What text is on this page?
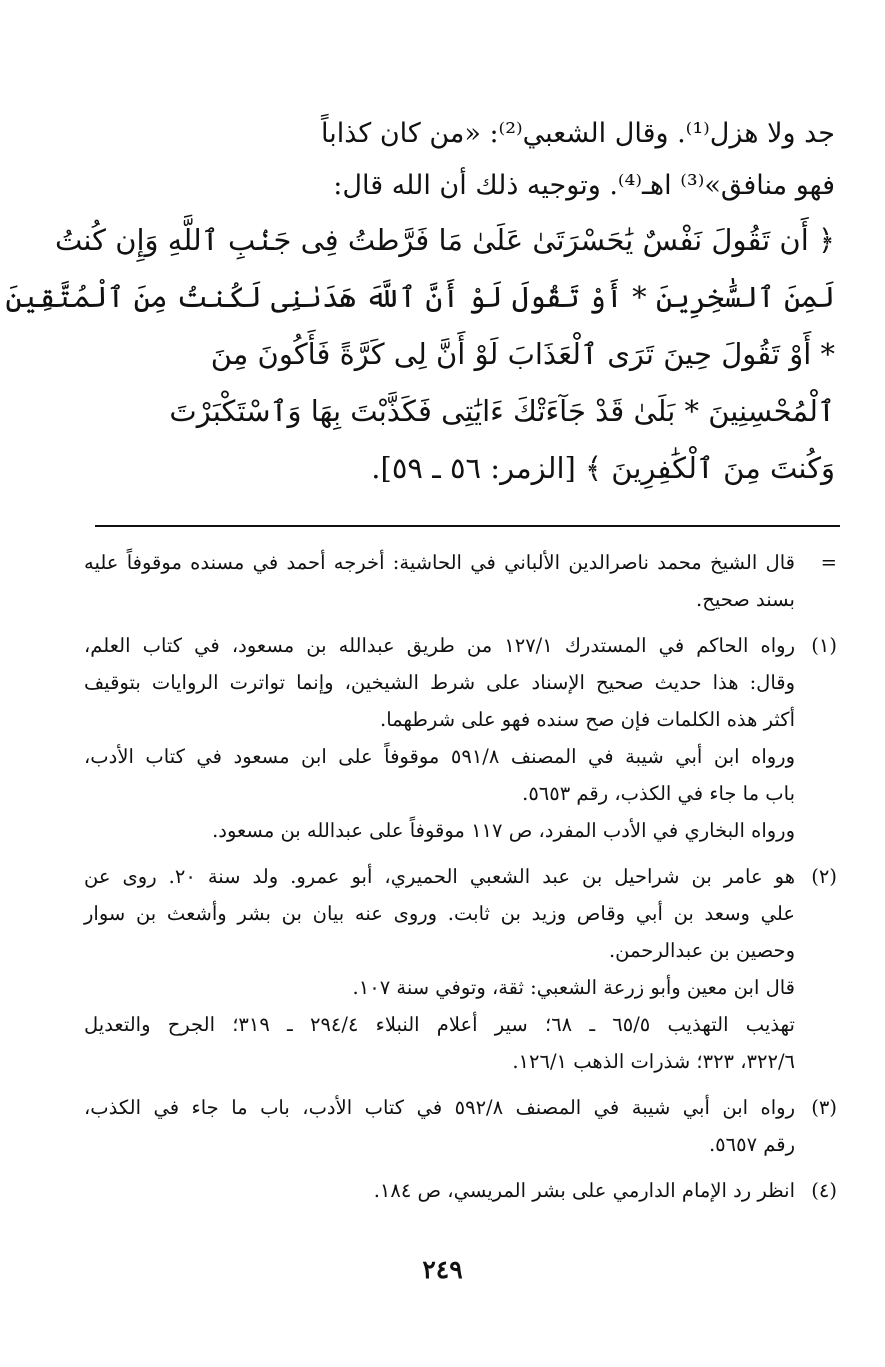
جد ولا هزل⁽¹⁾. وقال الشعبي⁽²⁾: «من كان كذاباً
فهو منافق»⁽³⁾ اهـ⁽⁴⁾. وتوجيه ذلك أن الله قال:
﴿ أَن تَقُولَ نَفْسٌ يَٰحَسْرَتَىٰ عَلَىٰ مَا فَرَّطتُ فِى جَنۢبِ ٱللَّهِ وَإِن كُنتُ
لَمِنَ ٱلسَّٰخِرِينَ * أَوْ تَقُولَ لَوْ أَنَّ ٱللَّهَ هَدَىٰنِى لَكُنتُ مِنَ ٱلْمُتَّقِينَ
* أَوْ تَقُولَ حِينَ تَرَى ٱلْعَذَابَ لَوْ أَنَّ لِى كَرَّةً فَأَكُونَ مِنَ
ٱلْمُحْسِنِينَ * بَلَىٰ قَدْ جَآءَتْكَ ءَايَٰتِى فَكَذَّبْتَ بِهَا وَٱسْتَكْبَرْتَ
وَكُنتَ مِنَ ٱلْكَٰفِرِينَ ﴾ [الزمر: ٥٦ ـ ٥٩].
=
قال الشيخ محمد ناصرالدين الألباني في الحاشية: أخرجه أحمد في مسنده موقوفاً عليه
بسند صحيح.
(١)
رواه الحاكم في المستدرك ١٢٧/١ من طريق عبدالله بن مسعود، في كتاب العلم،
وقال: هذا حديث صحيح الإسناد على شرط الشيخين، وإنما تواترت الروايات بتوقيف
أكثر هذه الكلمات فإن صح سنده فهو على شرطهما.
ورواه ابن أبي شيبة في المصنف ٥٩١/٨ موقوفاً على ابن مسعود في كتاب الأدب،
باب ما جاء في الكذب، رقم ٥٦٥٣.
ورواه البخاري في الأدب المفرد، ص ١١٧ موقوفاً على عبدالله بن مسعود.
(٢)
هو عامر بن شراحيل بن عبد الشعبي الحميري، أبو عمرو. ولد سنة ٢٠. روى عن
علي وسعد بن أبي وقاص وزيد بن ثابت. وروى عنه بيان بن بشر وأشعث بن سوار
وحصين بن عبدالرحمن.
قال ابن معين وأبو زرعة الشعبي: ثقة، وتوفي سنة ١٠٧.
تهذيب التهذيب ٦٥/٥ ـ ٦٨؛ سير أعلام النبلاء ٢٩٤/٤ ـ ٣١٩؛ الجرح والتعديل
٣٢٢/٦، ٣٢٣؛ شذرات الذهب ١٢٦/١.
(٣)
رواه ابن أبي شيبة في المصنف ٥٩٢/٨ في كتاب الأدب، باب ما جاء في الكذب،
رقم ٥٦٥٧.
(٤)
انظر رد الإمام الدارمي على بشر المريسي، ص ١٨٤.
٢٤٩
